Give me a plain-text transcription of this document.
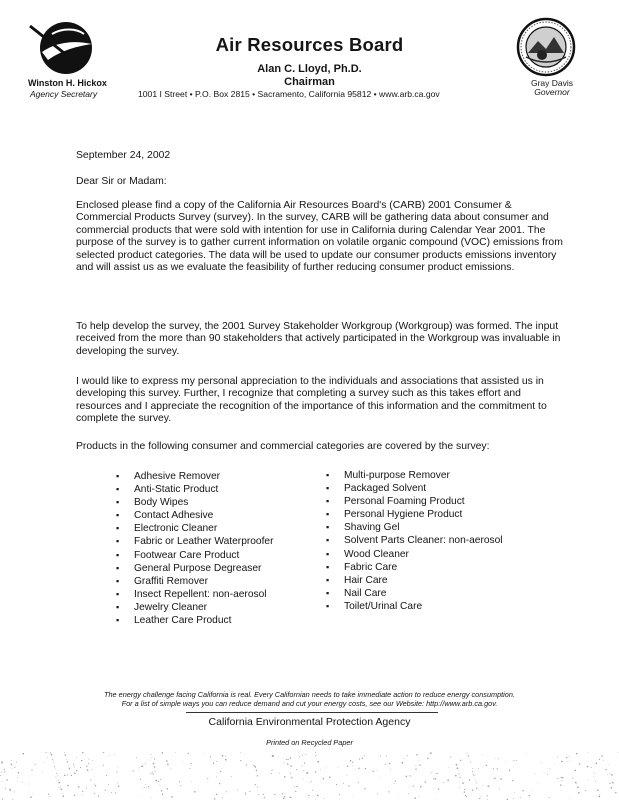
Winston H. Hickox
Agency Secretary
Air Resources Board
Alan C. Lloyd, Ph.D.
Chairman
1001 I Street • P.O. Box 2815 • Sacramento, California 95812 • www.arb.ca.gov
Gray Davis
Governor
September 24, 2002
Dear Sir or Madam:
Enclosed please find a copy of the California Air Resources Board's (CARB) 2001 Consumer & Commercial Products Survey (survey). In the survey, CARB will be gathering data about consumer and commercial products that were sold with intention for use in California during Calendar Year 2001. The purpose of the survey is to gather current information on volatile organic compound (VOC) emissions from selected product categories. The data will be used to update our consumer products emissions inventory and will assist us as we evaluate the feasibility of further reducing consumer product emissions.
To help develop the survey, the 2001 Survey Stakeholder Workgroup (Workgroup) was formed. The input received from the more than 90 stakeholders that actively participated in the Workgroup was invaluable in developing the survey.
I would like to express my personal appreciation to the individuals and associations that assisted us in developing this survey. Further, I recognize that completing a survey such as this takes effort and resources and I appreciate the recognition of the importance of this information and the commitment to complete the survey.
Products in the following consumer and commercial categories are covered by the survey:
▪ Adhesive Remover
▪ Anti-Static Product
▪ Body Wipes
▪ Contact Adhesive
▪ Electronic Cleaner
▪ Fabric or Leather Waterproofer
▪ Footwear Care Product
▪ General Purpose Degreaser
▪ Graffiti Remover
▪ Insect Repellent: non-aerosol
▪ Jewelry Cleaner
▪ Leather Care Product
▪ Multi-purpose Remover
▪ Packaged Solvent
▪ Personal Foaming Product
▪ Personal Hygiene Product
▪ Shaving Gel
▪ Solvent Parts Cleaner: non-aerosol
▪ Wood Cleaner
▪ Fabric Care
▪ Hair Care
▪ Nail Care
▪ Toilet/Urinal Care
The energy challenge facing California is real. Every Californian needs to take immediate action to reduce energy consumption.
For a list of simple ways you can reduce demand and cut your energy costs, see our Website: http://www.arb.ca.gov.
California Environmental Protection Agency
Printed on Recycled Paper
